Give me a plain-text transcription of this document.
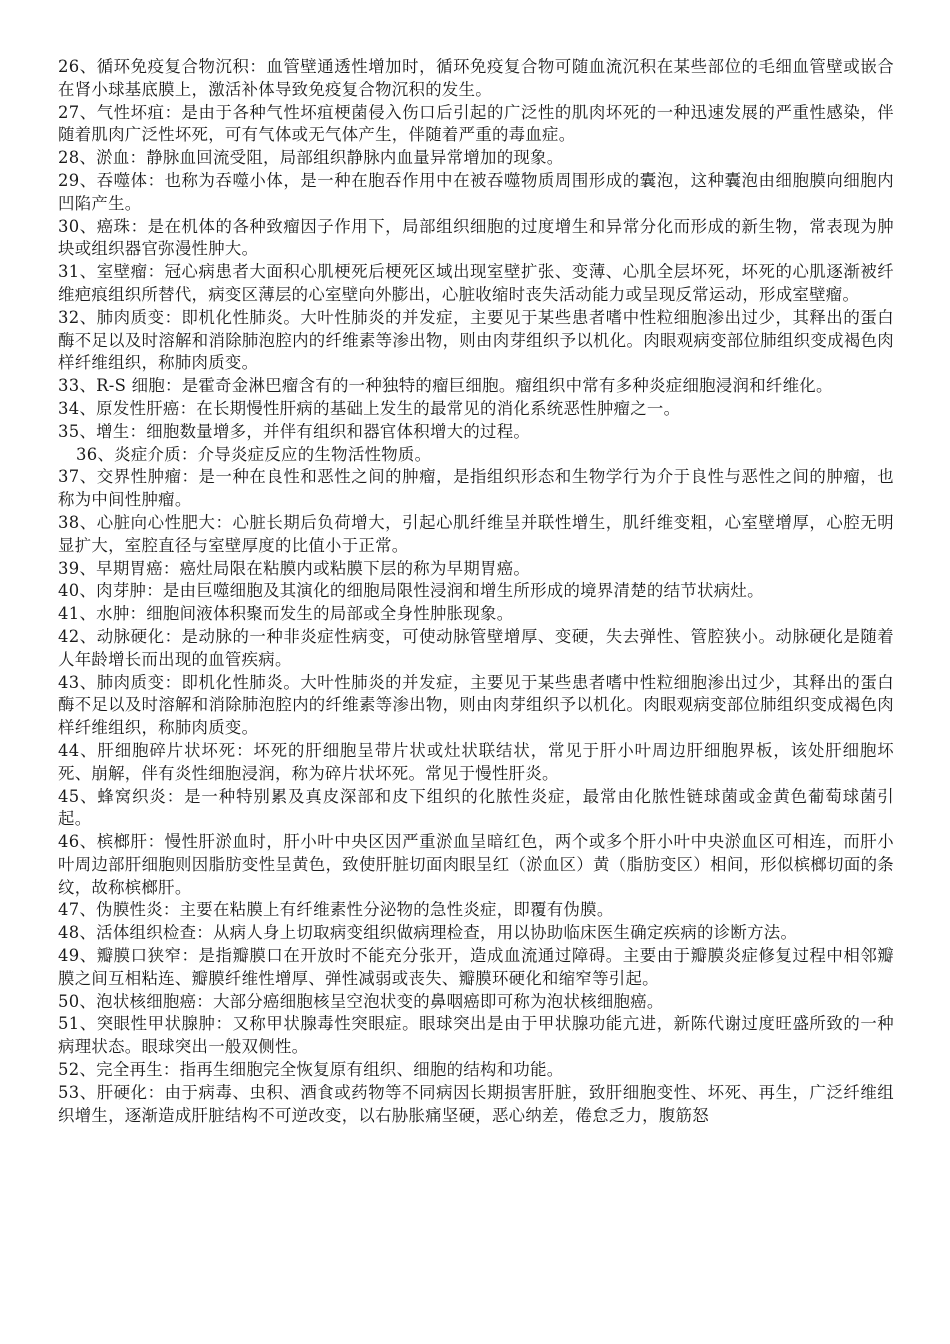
26、循环免疫复合物沉积：血管壁通透性增加时，循环免疫复合物可随血流沉积在某些部位的毛细血管壁或嵌合在肾小球基底膜上，激活补体导致免疫复合物沉积的发生。

27、气性坏疽：是由于各种气性坏疽梗菌侵入伤口后引起的广泛性的肌肉坏死的一种迅速发展的严重性感染，伴随着肌肉广泛性坏死，可有气体或无气体产生，伴随着严重的毒血症。

28、淤血：静脉血回流受阻，局部组织静脉内血量异常增加的现象。

29、吞噬体：也称为吞噬小体，是一种在胞吞作用中在被吞噬物质周围形成的囊泡，这种囊泡由细胞膜向细胞内凹陷产生。

30、癌珠：是在机体的各种致瘤因子作用下，局部组织细胞的过度增生和异常分化而形成的新生物，常表现为肿块或组织器官弥漫性肿大。

31、室壁瘤：冠心病患者大面积心肌梗死后梗死区域出现室壁扩张、变薄、心肌全层坏死，坏死的心肌逐渐被纤维疤痕组织所替代，病变区薄层的心室壁向外膨出，心脏收缩时丧失活动能力或呈现反常运动，形成室壁瘤。

32、肺肉质变：即机化性肺炎。大叶性肺炎的并发症，主要见于某些患者嗜中性粒细胞渗出过少，其释出的蛋白酶不足以及时溶解和消除肺泡腔内的纤维素等渗出物，则由肉芽组织予以机化。肉眼观病变部位肺组织变成褐色肉样纤维组织，称肺肉质变。

33、R-S 细胞：是霍奇金淋巴瘤含有的一种独特的瘤巨细胞。瘤组织中常有多种炎症细胞浸润和纤维化。

34、原发性肝癌：在长期慢性肝病的基础上发生的最常见的消化系统恶性肿瘤之一。

35、增生：细胞数量增多，并伴有组织和器官体积增大的过程。

36、炎症介质：介导炎症反应的生物活性物质。

37、交界性肿瘤：是一种在良性和恶性之间的肿瘤，是指组织形态和生物学行为介于良性与恶性之间的肿瘤，也称为中间性肿瘤。

38、心脏向心性肥大：心脏长期后负荷增大，引起心肌纤维呈并联性增生，肌纤维变粗，心室壁增厚，心腔无明显扩大，室腔直径与室壁厚度的比值小于正常。

39、早期胃癌：癌灶局限在粘膜内或粘膜下层的称为早期胃癌。

40、肉芽肿：是由巨噬细胞及其演化的细胞局限性浸润和增生所形成的境界清楚的结节状病灶。

41、水肿：细胞间液体积聚而发生的局部或全身性肿胀现象。

42、动脉硬化：是动脉的一种非炎症性病变，可使动脉管壁增厚、变硬，失去弹性、管腔狭小。动脉硬化是随着人年龄增长而出现的血管疾病。

43、肺肉质变：即机化性肺炎。大叶性肺炎的并发症，主要见于某些患者嗜中性粒细胞渗出过少，其释出的蛋白酶不足以及时溶解和消除肺泡腔内的纤维素等渗出物，则由肉芽组织予以机化。肉眼观病变部位肺组织变成褐色肉样纤维组织，称肺肉质变。

44、肝细胞碎片状坏死：坏死的肝细胞呈带片状或灶状联结状，常见于肝小叶周边肝细胞界板，该处肝细胞坏死、崩解，伴有炎性细胞浸润，称为碎片状坏死。常见于慢性肝炎。

45、蜂窝织炎：是一种特别累及真皮深部和皮下组织的化脓性炎症，最常由化脓性链球菌或金黄色葡萄球菌引起。

46、槟榔肝：慢性肝淤血时，肝小叶中央区因严重淤血呈暗红色，两个或多个肝小叶中央淤血区可相连，而肝小叶周边部肝细胞则因脂肪变性呈黄色，致使肝脏切面肉眼呈红（淤血区）黄（脂肪变区）相间，形似槟榔切面的条纹，故称槟榔肝。

47、伪膜性炎：主要在粘膜上有纤维素性分泌物的急性炎症，即覆有伪膜。

48、活体组织检查：从病人身上切取病变组织做病理检查，用以协助临床医生确定疾病的诊断方法。

49、瓣膜口狭窄：是指瓣膜口在开放时不能充分张开，造成血流通过障碍。主要由于瓣膜炎症修复过程中相邻瓣膜之间互相粘连、瓣膜纤维性增厚、弹性减弱或丧失、瓣膜环硬化和缩窄等引起。

50、泡状核细胞癌：大部分癌细胞核呈空泡状变的鼻咽癌即可称为泡状核细胞癌。

51、突眼性甲状腺肿：又称甲状腺毒性突眼症。眼球突出是由于甲状腺功能亢进，新陈代谢过度旺盛所致的一种病理状态。眼球突出一般双侧性。

52、完全再生：指再生细胞完全恢复原有组织、细胞的结构和功能。

53、肝硬化：由于病毒、虫积、酒食或药物等不同病因长期损害肝脏，致肝细胞变性、坏死、再生，广泛纤维组织增生，逐渐造成肝脏结构不可逆改变，以右胁胀痛坚硬，恶心纳差，倦怠乏力，腹筋怒
